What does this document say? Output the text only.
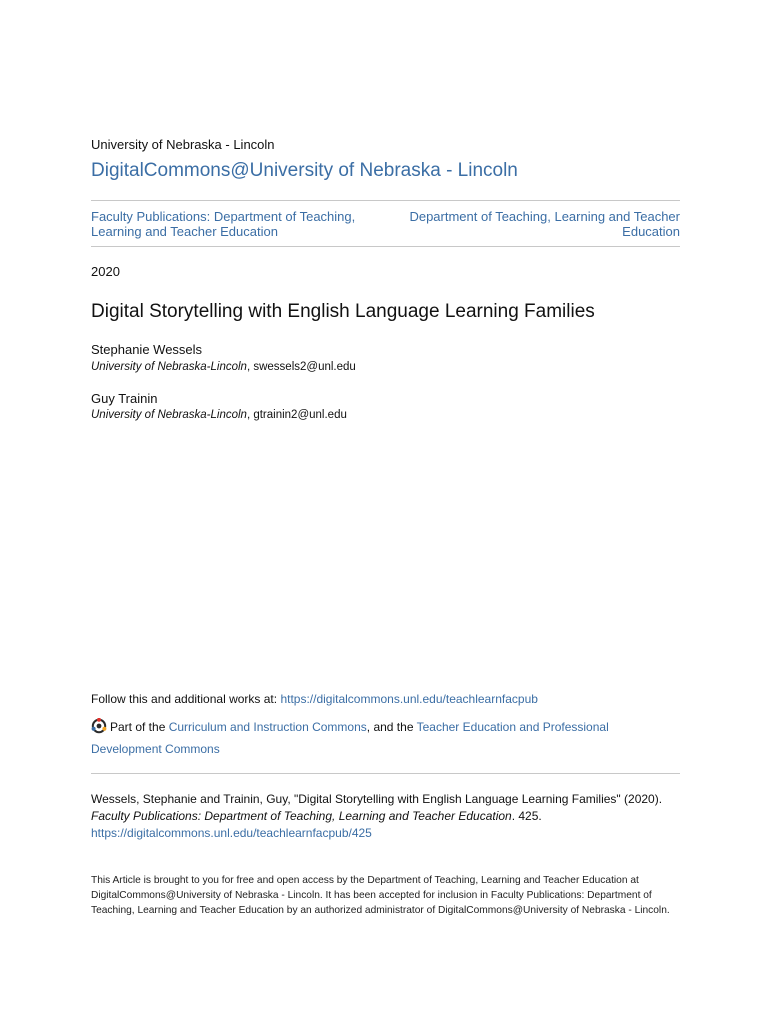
University of Nebraska - Lincoln
DigitalCommons@University of Nebraska - Lincoln
Faculty Publications: Department of Teaching, Learning and Teacher Education
Department of Teaching, Learning and Teacher Education
2020
Digital Storytelling with English Language Learning Families
Stephanie Wessels
University of Nebraska-Lincoln, swessels2@unl.edu
Guy Trainin
University of Nebraska-Lincoln, gtrainin2@unl.edu
Follow this and additional works at: https://digitalcommons.unl.edu/teachlearnfacpub
Part of the Curriculum and Instruction Commons, and the Teacher Education and Professional Development Commons
Wessels, Stephanie and Trainin, Guy, "Digital Storytelling with English Language Learning Families" (2020). Faculty Publications: Department of Teaching, Learning and Teacher Education. 425.
https://digitalcommons.unl.edu/teachlearnfacpub/425
This Article is brought to you for free and open access by the Department of Teaching, Learning and Teacher Education at DigitalCommons@University of Nebraska - Lincoln. It has been accepted for inclusion in Faculty Publications: Department of Teaching, Learning and Teacher Education by an authorized administrator of DigitalCommons@University of Nebraska - Lincoln.
